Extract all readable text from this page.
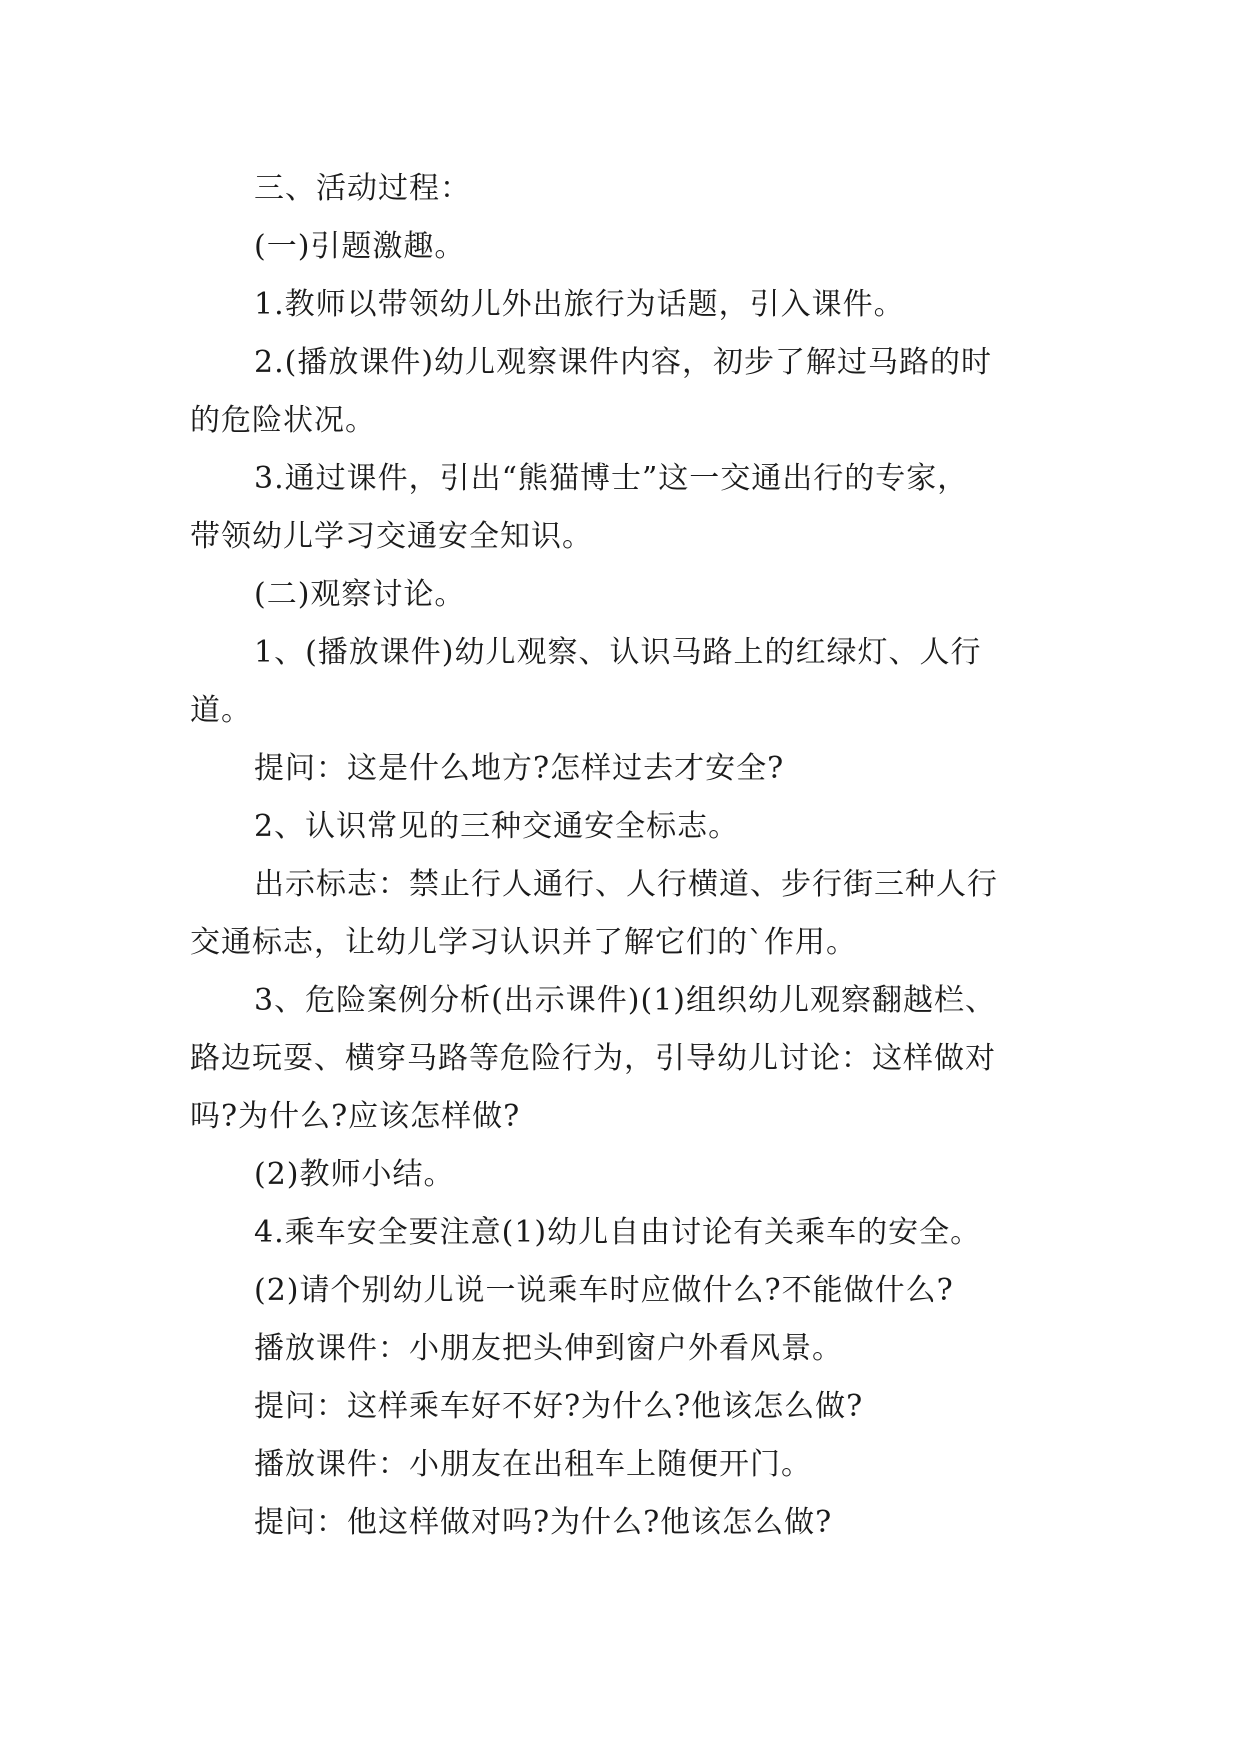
三、活动过程：
(一)引题激趣。
1.教师以带领幼儿外出旅行为话题，引入课件。
2.(播放课件)幼儿观察课件内容，初步了解过马路的时
的危险状况。
3.通过课件，引出“熊猫博士”这一交通出行的专家，
带领幼儿学习交通安全知识。
(二)观察讨论。
1、(播放课件)幼儿观察、认识马路上的红绿灯、人行
道。
提问：这是什么地方?怎样过去才安全?
2、认识常见的三种交通安全标志。
出示标志：禁止行人通行、人行横道、步行街三种人行
交通标志，让幼儿学习认识并了解它们的`作用。
3、危险案例分析(出示课件)(1)组织幼儿观察翻越栏、
路边玩耍、横穿马路等危险行为，引导幼儿讨论：这样做对
吗?为什么?应该怎样做?
(2)教师小结。
4.乘车安全要注意(1)幼儿自由讨论有关乘车的安全。
(2)请个别幼儿说一说乘车时应做什么?不能做什么?
播放课件：小朋友把头伸到窗户外看风景。
提问：这样乘车好不好?为什么?他该怎么做?
播放课件：小朋友在出租车上随便开门。
提问：他这样做对吗?为什么?他该怎么做?
